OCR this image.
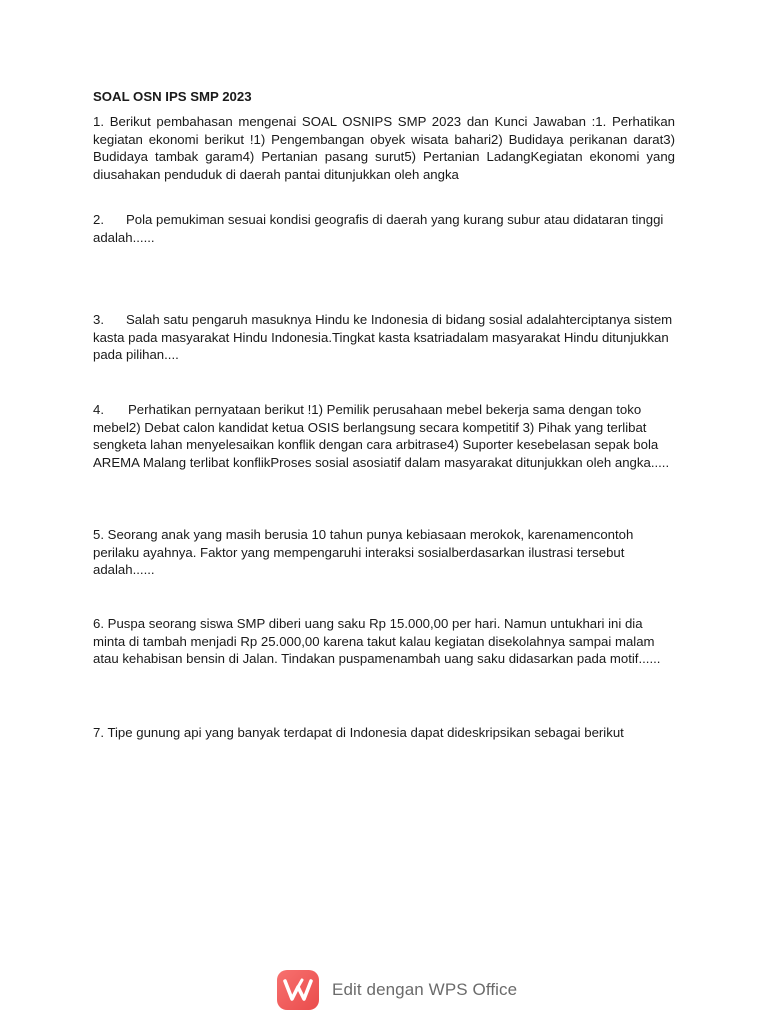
SOAL OSN IPS SMP 2023

1. Berikut pembahasan mengenai SOAL OSNIPS SMP 2023 dan Kunci Jawaban :1. Perhatikan kegiatan ekonomi berikut !1) Pengembangan obyek wisata bahari2) Budidaya perikanan darat3) Budidaya tambak garam4) Pertanian pasang surut5) Pertanian LadangKegiatan ekonomi yang diusahakan penduduk di daerah pantai ditunjukkan oleh angka

2. Pola pemukiman sesuai kondisi geografis di daerah yang kurang subur atau didataran tinggi adalah......

3. Salah satu pengaruh masuknya Hindu ke Indonesia di bidang sosial adalahterciptanya sistem kasta pada masyarakat Hindu Indonesia.Tingkat kasta ksatriadalam masyarakat Hindu ditunjukkan pada pilihan....

4. Perhatikan pernyataan berikut !1) Pemilik perusahaan mebel bekerja sama dengan toko mebel2) Debat calon kandidat ketua OSIS berlangsung secara kompetitif 3) Pihak yang terlibat sengketa lahan menyelesaikan konflik dengan cara arbitrase4) Suporter kesebelasan sepak bola AREMA Malang terlibat konflikProses sosial asosiatif dalam masyarakat ditunjukkan oleh angka.....

5. Seorang anak yang masih berusia 10 tahun punya kebiasaan merokok, karenamencontoh perilaku ayahnya. Faktor yang mempengaruhi interaksi sosialberdasarkan ilustrasi tersebut adalah......

6. Puspa seorang siswa SMP diberi uang saku Rp 15.000,00 per hari. Namun untukhari ini dia minta di tambah menjadi Rp 25.000,00 karena takut kalau kegiatan disekolahnya sampai malam atau kehabisan bensin di Jalan. Tindakan puspamenambah uang saku didasarkan pada motif......

7. Tipe gunung api yang banyak terdapat di Indonesia dapat dideskripsikan sebagai berikut

Edit dengan WPS Office
